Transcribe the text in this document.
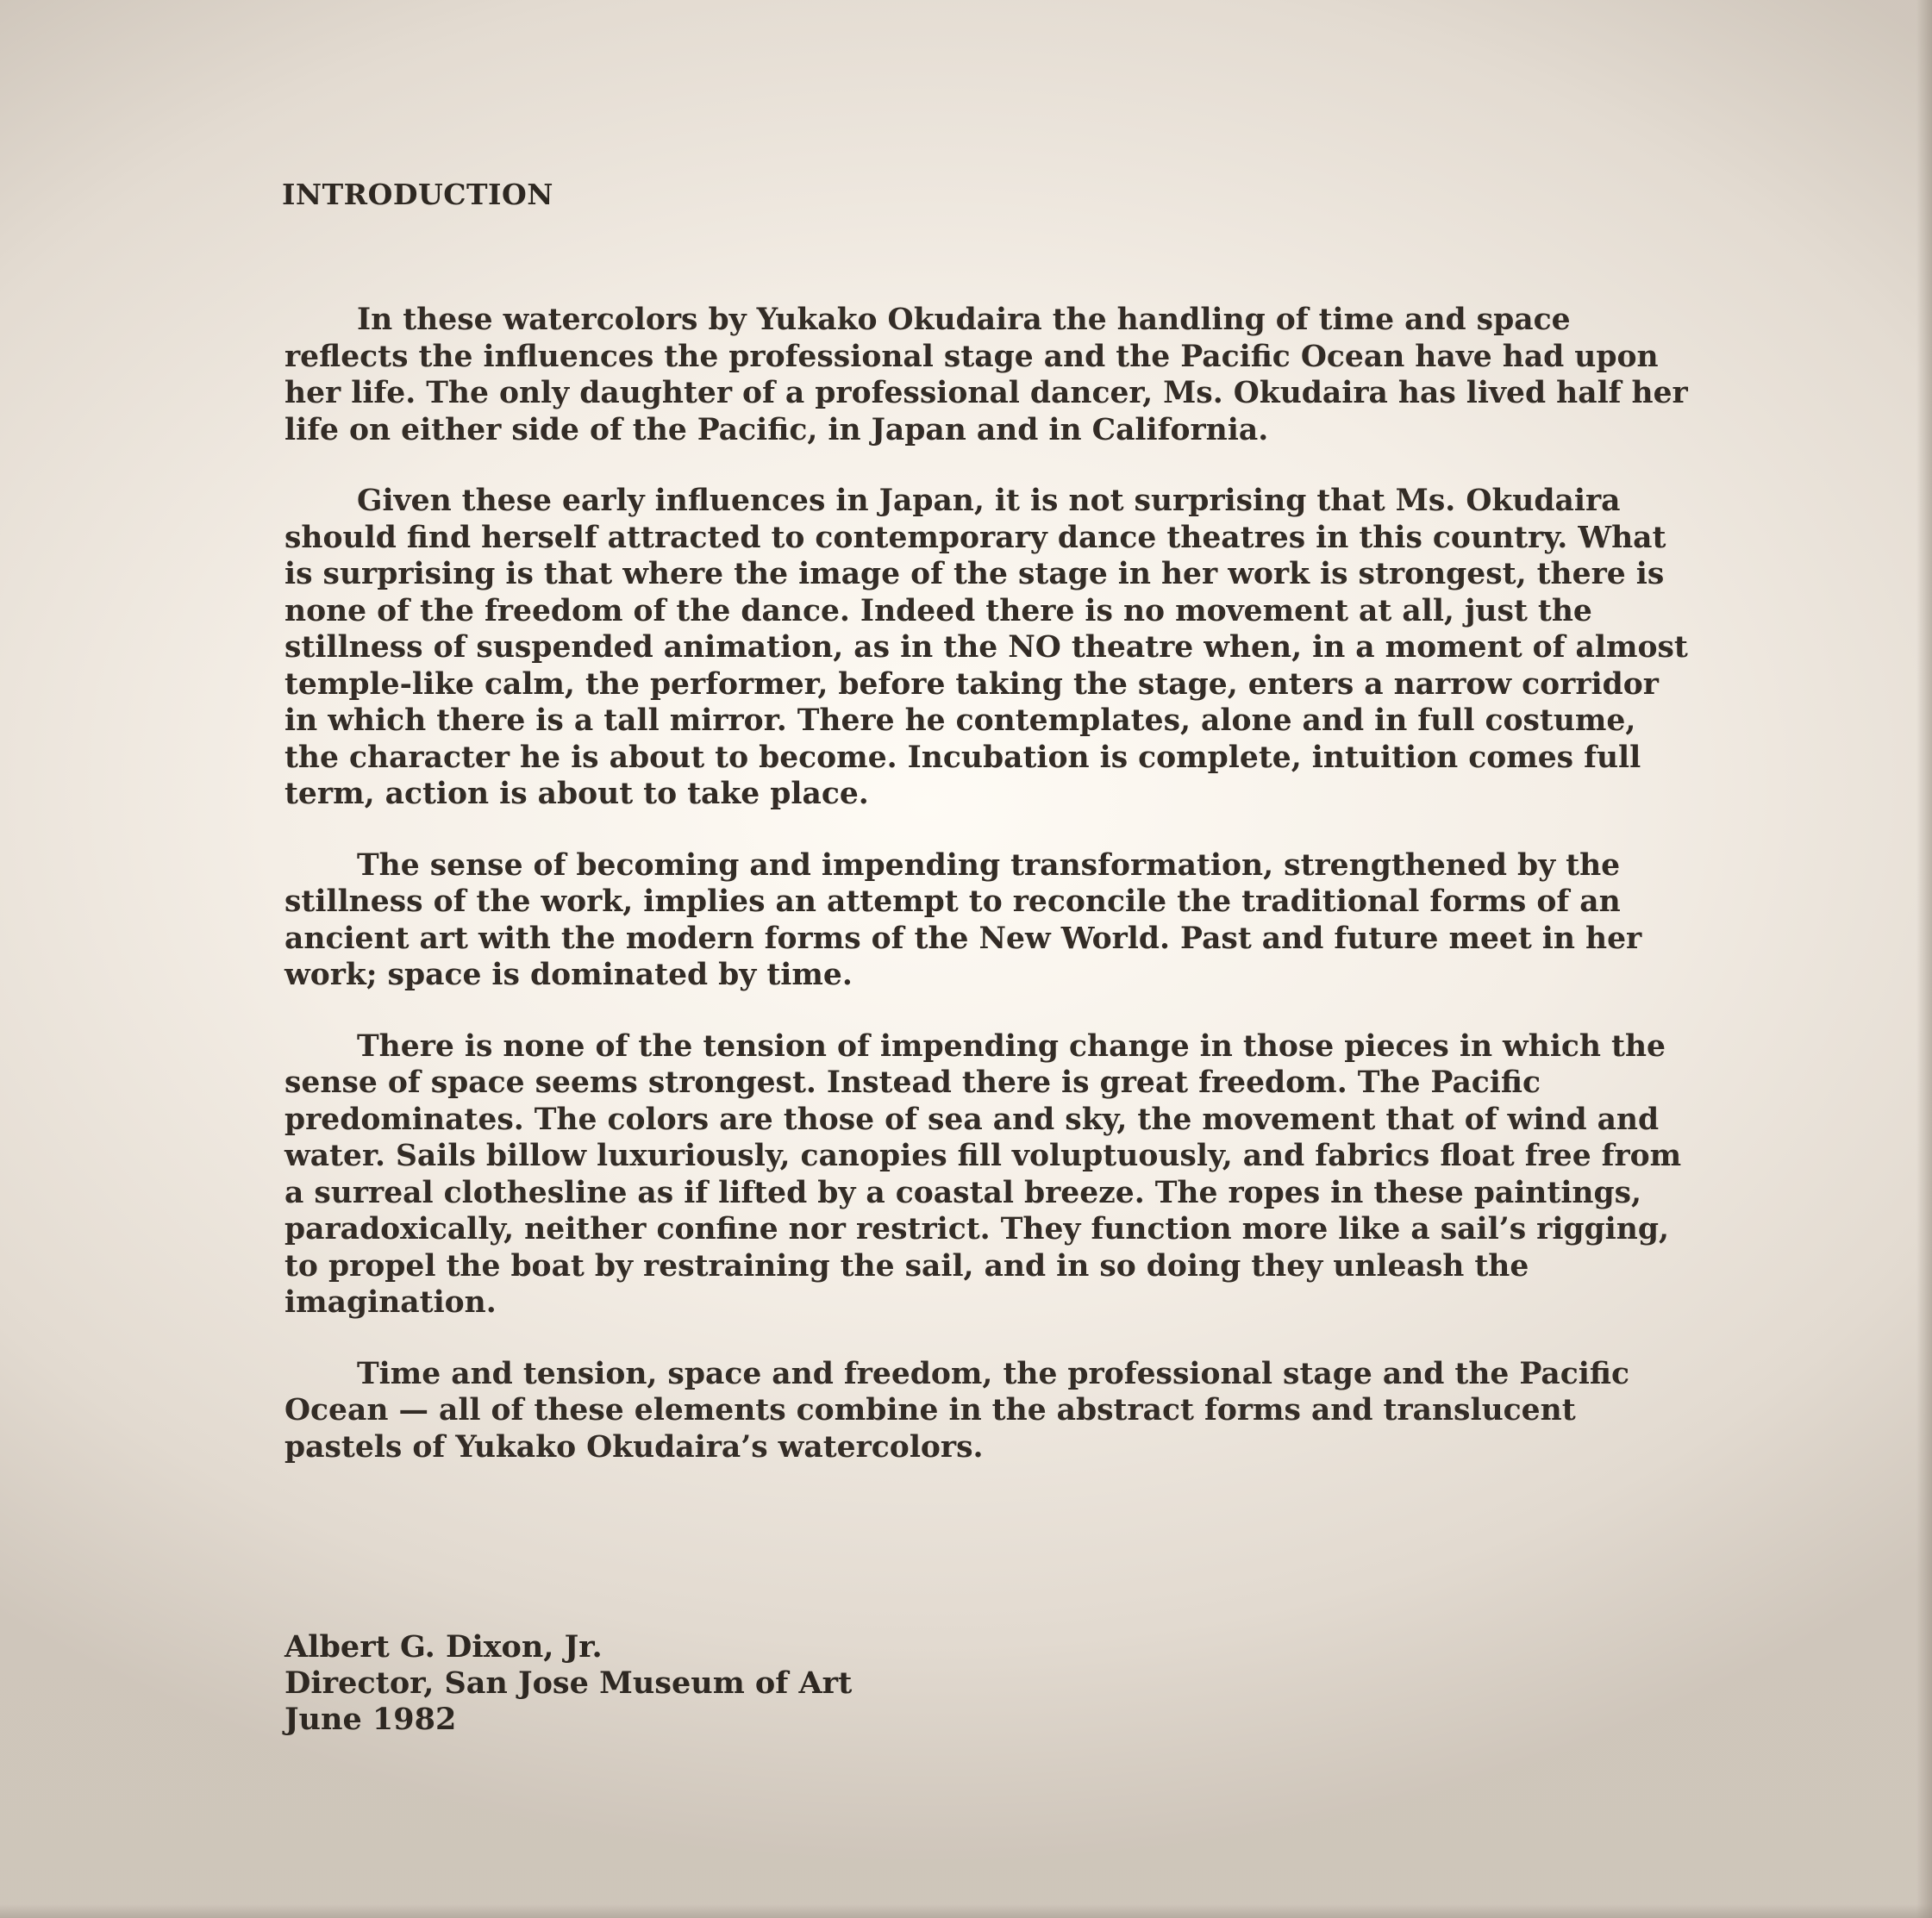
INTRODUCTION

In these watercolors by Yukako Okudaira the handling of time and space reflects the influences the professional stage and the Pacific Ocean have had upon her life. The only daughter of a professional dancer, Ms. Okudaira has lived half her life on either side of the Pacific, in Japan and in California.

Given these early influences in Japan, it is not surprising that Ms. Okudaira should find herself attracted to contemporary dance theatres in this country. What is surprising is that where the image of the stage in her work is strongest, there is none of the freedom of the dance. Indeed there is no movement at all, just the stillness of suspended animation, as in the NO theatre when, in a moment of almost temple-like calm, the performer, before taking the stage, enters a narrow corridor in which there is a tall mirror. There he contemplates, alone and in full costume, the character he is about to become. Incubation is complete, intuition comes full term, action is about to take place.

The sense of becoming and impending transformation, strengthened by the stillness of the work, implies an attempt to reconcile the traditional forms of an ancient art with the modern forms of the New World. Past and future meet in her work; space is dominated by time.

There is none of the tension of impending change in those pieces in which the sense of space seems strongest. Instead there is great freedom. The Pacific predominates. The colors are those of sea and sky, the movement that of wind and water. Sails billow luxuriously, canopies fill voluptuously, and fabrics float free from a surreal clothesline as if lifted by a coastal breeze. The ropes in these paintings, paradoxically, neither confine nor restrict. They function more like a sail’s rigging, to propel the boat by restraining the sail, and in so doing they unleash the imagination.

Time and tension, space and freedom, the professional stage and the Pacific Ocean — all of these elements combine in the abstract forms and translucent pastels of Yukako Okudaira’s watercolors.

Albert G. Dixon, Jr.
Director, San Jose Museum of Art
June 1982
